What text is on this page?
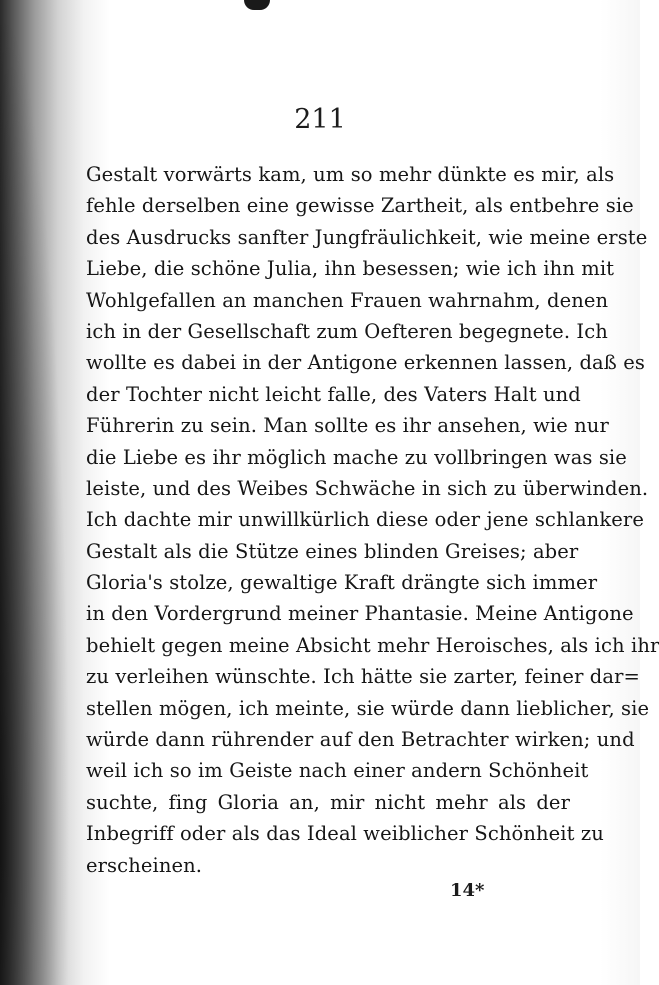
211
Gestalt vorwärts kam, um so mehr dünkte es mir, als
fehle derselben eine gewisse Zartheit, als entbehre sie
des Ausdrucks sanfter Jungfräulichkeit, wie meine erste
Liebe, die schöne Julia, ihn besessen; wie ich ihn mit
Wohlgefallen an manchen Frauen wahrnahm, denen
ich in der Gesellschaft zum Oefteren begegnete. Ich
wollte es dabei in der Antigone erkennen lassen, daß es
der Tochter nicht leicht falle, des Vaters Halt und
Führerin zu sein. Man sollte es ihr ansehen, wie nur
die Liebe es ihr möglich mache zu vollbringen was sie
leiste, und des Weibes Schwäche in sich zu überwinden.
Ich dachte mir unwillkürlich diese oder jene schlankere
Gestalt als die Stütze eines blinden Greises; aber
Gloria's stolze, gewaltige Kraft drängte sich immer
in den Vordergrund meiner Phantasie. Meine Antigone
behielt gegen meine Absicht mehr Heroisches, als ich ihr
zu verleihen wünschte. Ich hätte sie zarter, feiner dar=
stellen mögen, ich meinte, sie würde dann lieblicher, sie
würde dann rührender auf den Betrachter wirken; und
weil ich so im Geiste nach einer andern Schönheit
suchte, fing Gloria an, mir nicht mehr als der
Inbegriff oder als das Ideal weiblicher Schönheit zu
erscheinen.
14*
